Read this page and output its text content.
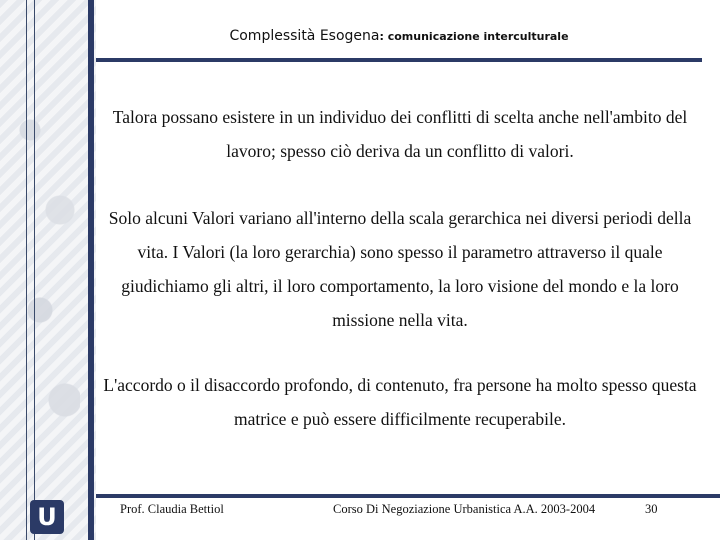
U
Complessità Esogena: comunicazione interculturale
Talora possano esistere in un individuo dei conflitti di scelta anche nell'ambito del lavoro; spesso ciò deriva da un conflitto di valori.
Solo alcuni Valori variano all'interno della scala gerarchica nei diversi periodi della vita. I Valori (la loro gerarchia) sono spesso il parametro attraverso il quale giudichiamo gli altri, il loro comportamento, la loro visione del mondo e la loro missione nella vita.
L'accordo o il disaccordo profondo, di contenuto, fra persone ha molto spesso questa matrice e può essere difficilmente recuperabile.
Prof. Claudia Bettiol	Corso Di Negoziazione Urbanistica A.A. 2003-2004	30
